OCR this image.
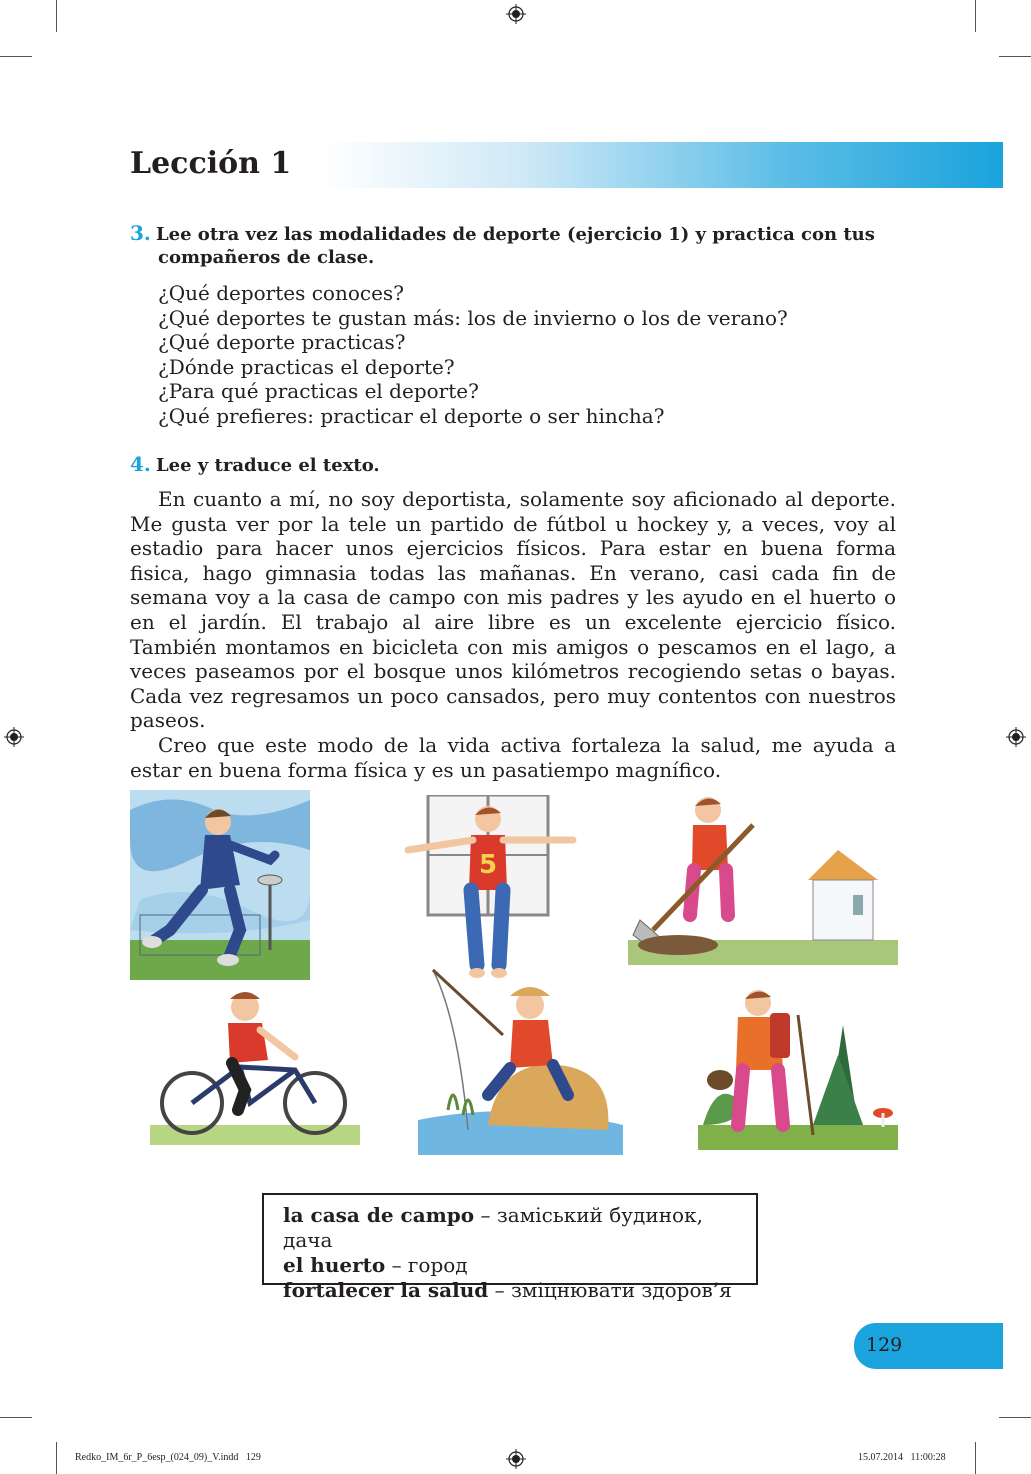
Lección 1
3. Lee otra vez las modalidades de deporte (ejercicio 1) y practica con tus
compañeros de clase.
¿Qué deportes conoces?
¿Qué deportes te gustan más: los de invierno o los de verano?
¿Qué deporte practicas?
¿Dónde practicas el deporte?
¿Para qué practicas el deporte?
¿Qué prefieres: practicar el deporte o ser hincha?
4. Lee y traduce el texto.

En cuanto a mí, no soy deportista, solamente soy aficionado al deporte. Me gusta ver por la tele un partido de fútbol u hockey y, a veces, voy al estadio para hacer unos ejercicios físicos. Para estar en buena forma fisica, hago gimnasia todas las mañanas. En verano, casi cada fin de semana voy a la casa de campo con mis padres y les ayudo en el huerto o en el jardín. El trabajo al aire libre es un excelente ejercicio físico. También montamos en bicicleta con mis amigos o pescamos en el lago, a veces paseamos por el bosque unos kilómetros recogiendo setas o bayas. Cada vez regresamos un poco cansados, pero muy contentos con nuestros paseos.

Creo que este modo de la vida activa fortaleza la salud, me ayuda a estar en buena forma física y es un pasatiempo magnífico.

5
la casa de campo – заміський будинок, дача
el huerto – город
fortalecer la salud – зміцнювати здоров’я
129
Redko_IM_6r_P_6esp_(024_09)_V.indd   129	15.07.2014   11:00:28
